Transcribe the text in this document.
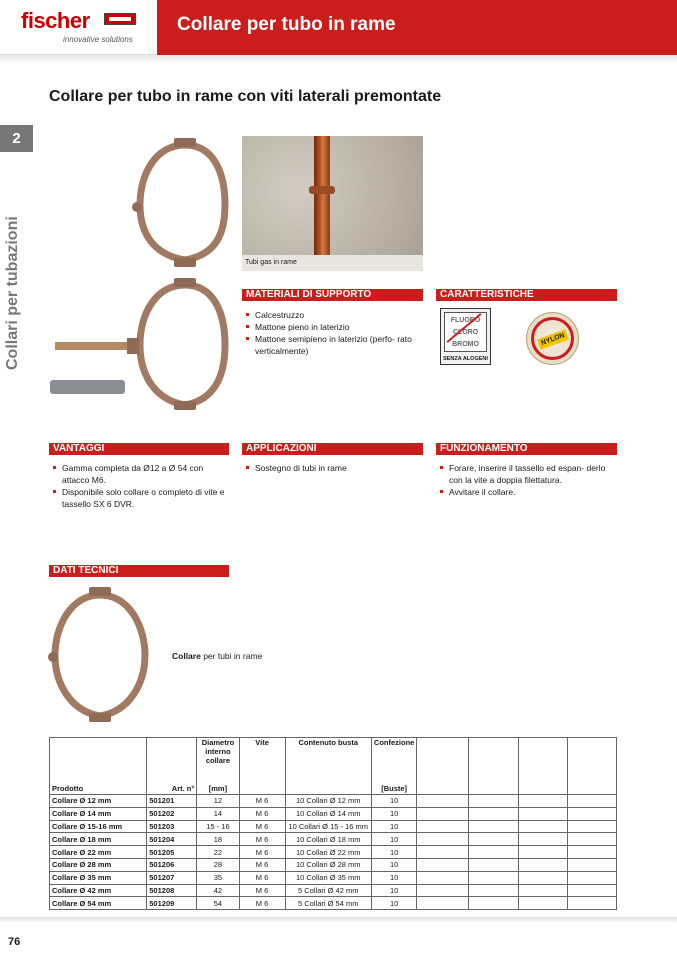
fischer
innovative solutions
Collare per tubo in rame
Collare per tubo in rame con viti laterali premontate
2
Collari per tubazioni	Tubi gas in rame
MATERIALI DI SUPPORTO
Calcestruzzo
Mattone pieno in laterizio
Mattone semipieno in laterizio (perfo- rato verticalmente)
CARATTERISTICHE
FLUORO
CLORO
BROMO
SENZA ALOGENI
NYLON
VANTAGGI
Gamma completa da Ø12 a Ø 54 con attacco M6.
Disponibile solo collare o completo di vite e tassello SX 6 DVR.
APPLICAZIONI
Sostegno di tubi in rame
FUNZIONAMENTO
Forare, inserire il tassello ed espan- derlo con la vite a doppia filettatura.
Avvitare il collare.
DATI TECNICI
Collare per tubi in rame
		Diametro interno collare	Vite	Contenuto busta	Confezione				
Prodotto	Art. n°	[mm]			[Buste]				
Collare Ø 12 mm	501201	12	M 6	10 Collari Ø 12 mm	10				
Collare Ø 14 mm	501202	14	M 6	10 Collari Ø 14 mm	10				
Collare Ø 15-16 mm	501203	15 - 16	M 6	10 Collari Ø 15 - 16 mm	10				
Collare Ø 18 mm	501204	18	M 6	10 Collari Ø 18 mm	10				
Collare Ø 22 mm	501205	22	M 6	10 Collari Ø 22 mm	10				
Collare Ø 28 mm	501206	28	M 6	10 Collari Ø 28 mm	10				
Collare Ø 35 mm	501207	35	M 6	10 Collari Ø 35 mm	10				
Collare Ø 42 mm	501208	42	M 6	5 Collari Ø 42 mm	10				
Collare Ø 54 mm	501209	54	M 6	5 Collari Ø 54 mm	10				
76
